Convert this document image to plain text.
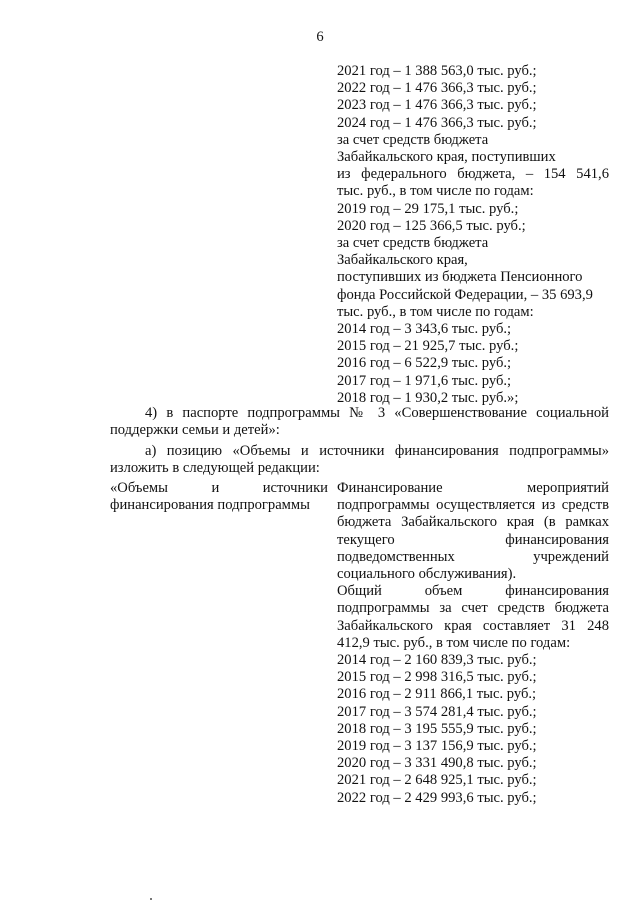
6
2021 год – 1 388 563,0 тыс. руб.;
2022 год – 1 476 366,3 тыс. руб.;
2023 год – 1 476 366,3 тыс. руб.;
2024 год – 1 476 366,3 тыс. руб.;
за счет средств бюджета
Забайкальского края, поступивших
из федерального бюджета, – 154 541,6
тыс. руб., в том числе по годам:
2019 год – 29 175,1 тыс. руб.;
2020 год – 125 366,5 тыс. руб.;
за счет средств бюджета
Забайкальского края,
поступивших из бюджета Пенсионного
фонда Российской Федерации, – 35 693,9
тыс. руб., в том числе по годам:
2014 год – 3 343,6 тыс. руб.;
2015 год – 21 925,7 тыс. руб.;
2016 год – 6 522,9 тыс. руб.;
2017 год – 1 971,6 тыс. руб.;
2018 год – 1 930,2 тыс. руб.»;
4) в паспорте подпрограммы № 3 «Совершенствование социальной поддержки семьи и детей»:
а) позицию «Объемы и источники финансирования подпрограммы» изложить в следующей редакции:
«Объемы и источники
финансирования подпрограммы
Финансирование мероприятий подпрограммы осуществляется из средств бюджета Забайкальского края (в рамках текущего финансирования подведомственных учреждений социального обслуживания).
Общий объем финансирования подпрограммы за счет средств бюджета Забайкальского края составляет 31 248 412,9 тыс. руб., в том числе по годам:
2014 год – 2 160 839,3 тыс. руб.;
2015 год – 2 998 316,5 тыс. руб.;
2016 год – 2 911 866,1 тыс. руб.;
2017 год – 3 574 281,4 тыс. руб.;
2018 год – 3 195 555,9 тыс. руб.;
2019 год – 3 137 156,9 тыс. руб.;
2020 год – 3 331 490,8 тыс. руб.;
2021 год – 2 648 925,1 тыс. руб.;
2022 год – 2 429 993,6 тыс. руб.;
